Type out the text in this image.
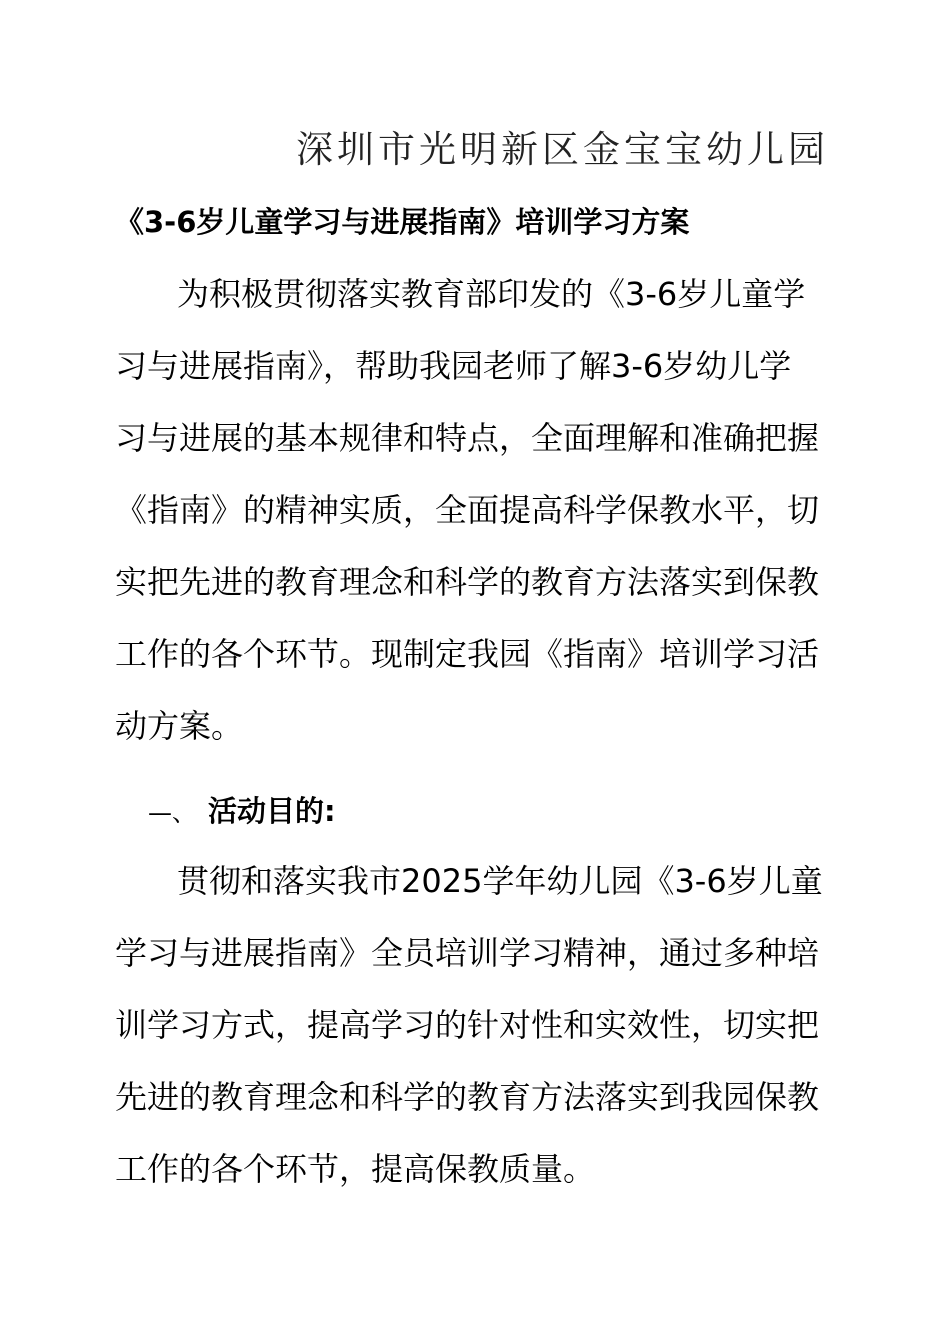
深圳市光明新区金宝宝幼儿园
《3-6岁儿童学习与进展指南》培训学习方案
为积极贯彻落实教育部印发的《3-6岁儿童学
习与进展指南》，帮助我园老师了解3-6岁幼儿学
习与进展的基本规律和特点，全面理解和准确把握
《指南》的精神实质，全面提高科学保教水平，切
实把先进的教育理念和科学的教育方法落实到保教
工作的各个环节。现制定我园《指南》培训学习活
动方案。
—、 活动目的:
贯彻和落实我市2025学年幼儿园《3-6岁儿童
学习与进展指南》全员培训学习精神，通过多种培
训学习方式，提高学习的针对性和实效性，切实把
先进的教育理念和科学的教育方法落实到我园保教
工作的各个环节，提高保教质量。
